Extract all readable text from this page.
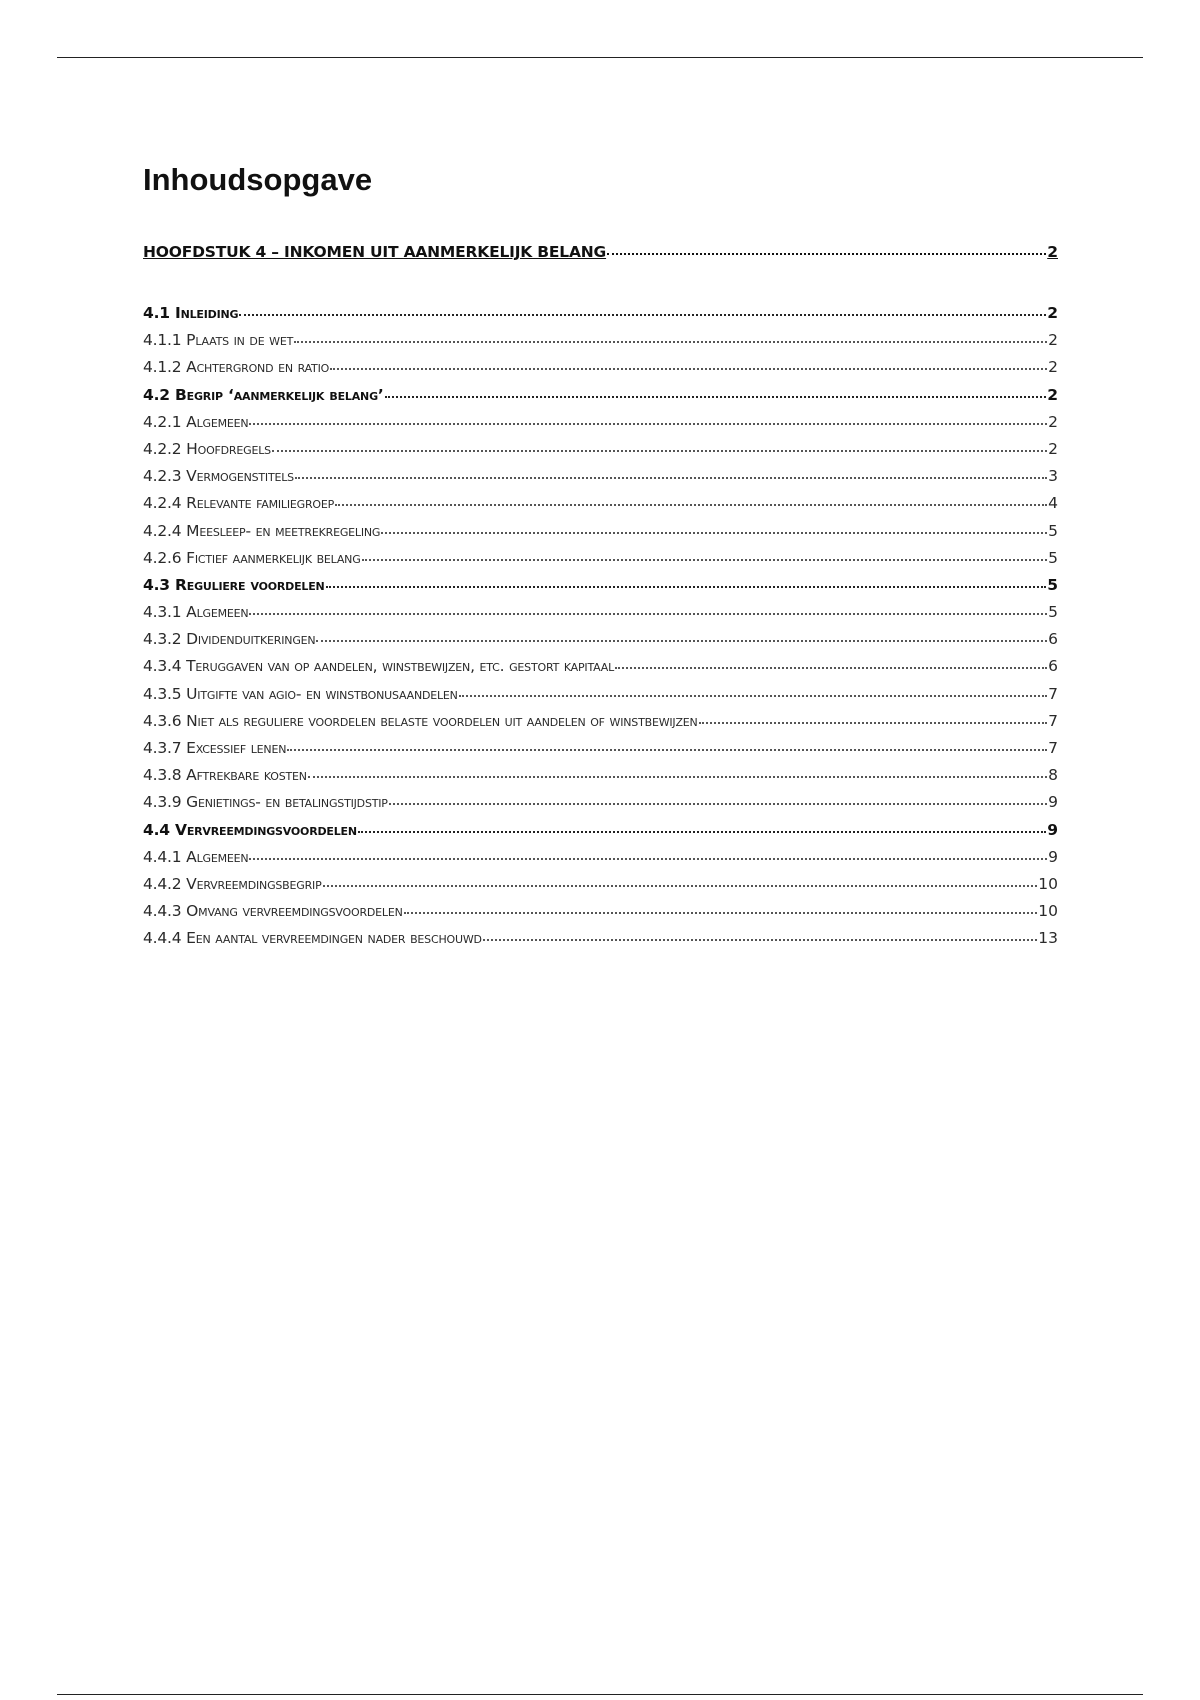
Inhoudsopgave
HOOFDSTUK 4 – INKOMEN UIT AANMERKELIJK BELANG	2
4.1 Inleiding	2
4.1.1 Plaats in de wet	2
4.1.2 Achtergrond en ratio	2
4.2 Begrip ‘aanmerkelijk belang’	2
4.2.1 Algemeen	2
4.2.2 Hoofdregels	2
4.2.3 Vermogenstitels	3
4.2.4 Relevante familiegroep	4
4.2.4 Meesleep- en meetrekregeling	5
4.2.6 Fictief aanmerkelijk belang	5
4.3 Reguliere voordelen	5
4.3.1 Algemeen	5
4.3.2 Dividenduitkeringen	6
4.3.4 Teruggaven van op aandelen, winstbewijzen, etc. gestort kapitaal	6
4.3.5 Uitgifte van agio- en winstbonusaandelen	7
4.3.6 Niet als reguliere voordelen belaste voordelen uit aandelen of winstbewijzen	7
4.3.7 Excessief lenen	7
4.3.8 Aftrekbare kosten	8
4.3.9 Genietings- en betalingstijdstip	9
4.4 Vervreemdingsvoordelen	9
4.4.1 Algemeen	9
4.4.2 Vervreemdingsbegrip	10
4.4.3 Omvang vervreemdingsvoordelen	10
4.4.4 Een aantal vervreemdingen nader beschouwd	13
